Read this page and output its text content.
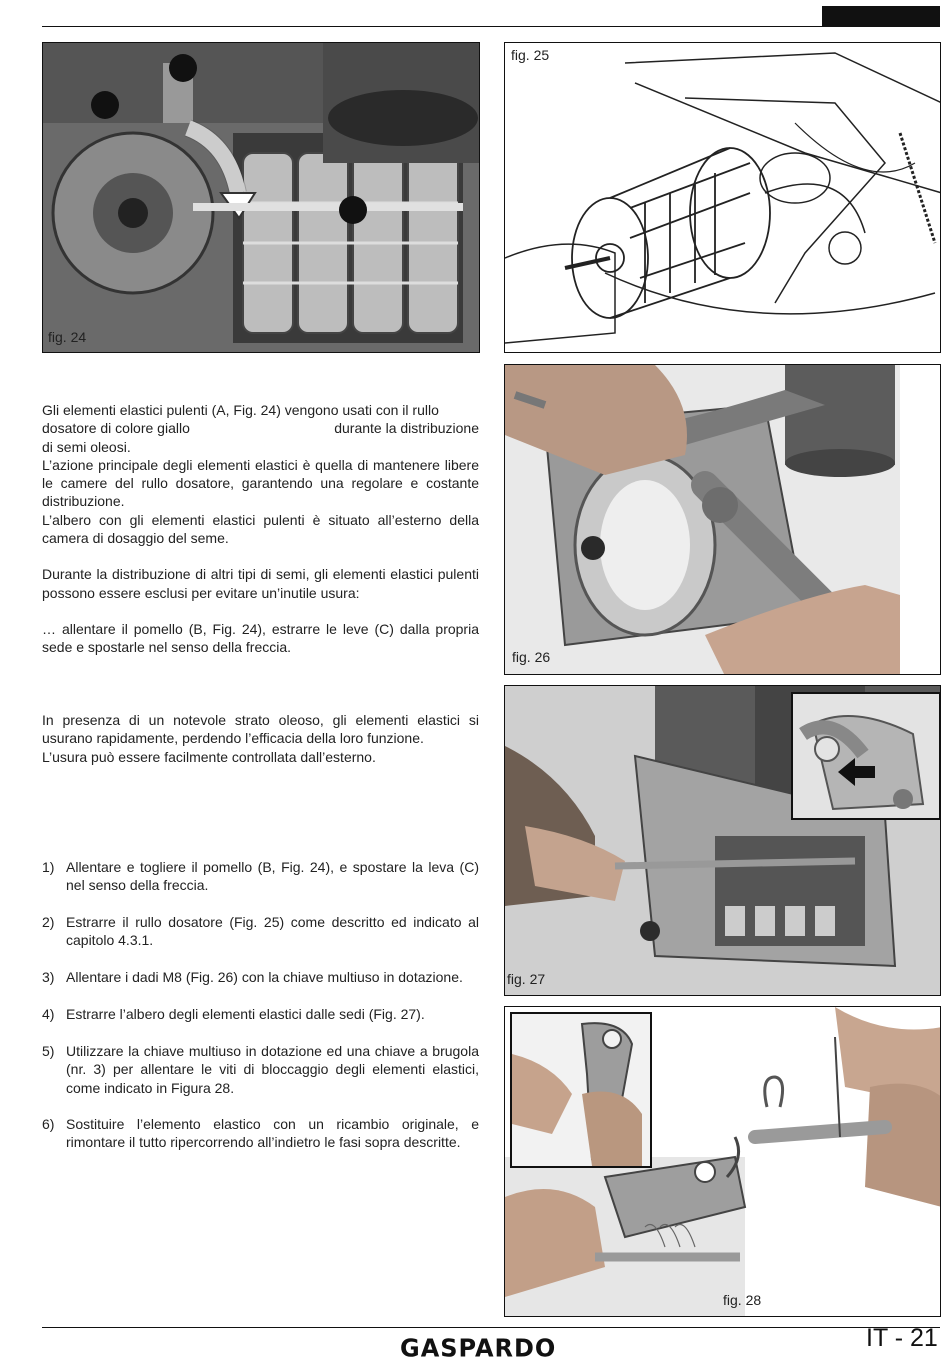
fig. 24
fig. 25

Gli elementi elastici pulenti (A, Fig. 24) vengono usati con il rullo

dosatore di colore giallo	durante la distribuzione

di semi oleosi.

L’azione principale degli elementi elastici è quella di mantenere libere le camere del rullo dosatore, garantendo una regolare e costante distribuzione.

L’albero con gli elementi elastici pulenti è situato all’esterno della camera di dosaggio del seme.

Durante la distribuzione di altri tipi di semi, gli elementi elastici pulenti possono essere esclusi per evitare un’inutile usura:

… allentare il pomello (B, Fig. 24), estrarre le leve (C) dalla propria sede e spostarle nel senso della freccia.

fig. 26

In presenza di un notevole strato oleoso, gli elementi elastici si usurano rapidamente, perdendo l’efficacia della loro funzione.

L’usura può essere facilmente controllata dall’esterno.

fig. 27
1) Allentare e togliere il pomello (B, Fig. 24), e spostare la leva (C) nel senso della freccia.
2) Estrarre il rullo dosatore (Fig. 25) come descritto ed indicato al capitolo 4.3.1.
3) Allentare i dadi M8 (Fig. 26) con la chiave multiuso in dotazione.
4) Estrarre l’albero degli elementi elastici dalle sedi (Fig. 27).
5) Utilizzare la chiave multiuso in dotazione ed una chiave a brugola (nr. 3) per allentare le viti di bloccaggio degli elementi elastici, come indicato in Figura 28.
6) Sostituire l’elemento elastico con un ricambio originale, e rimontare il tutto ripercorrendo all’indietro le fasi sopra descritte.
fig. 28
GASPARDO	IT - 21
